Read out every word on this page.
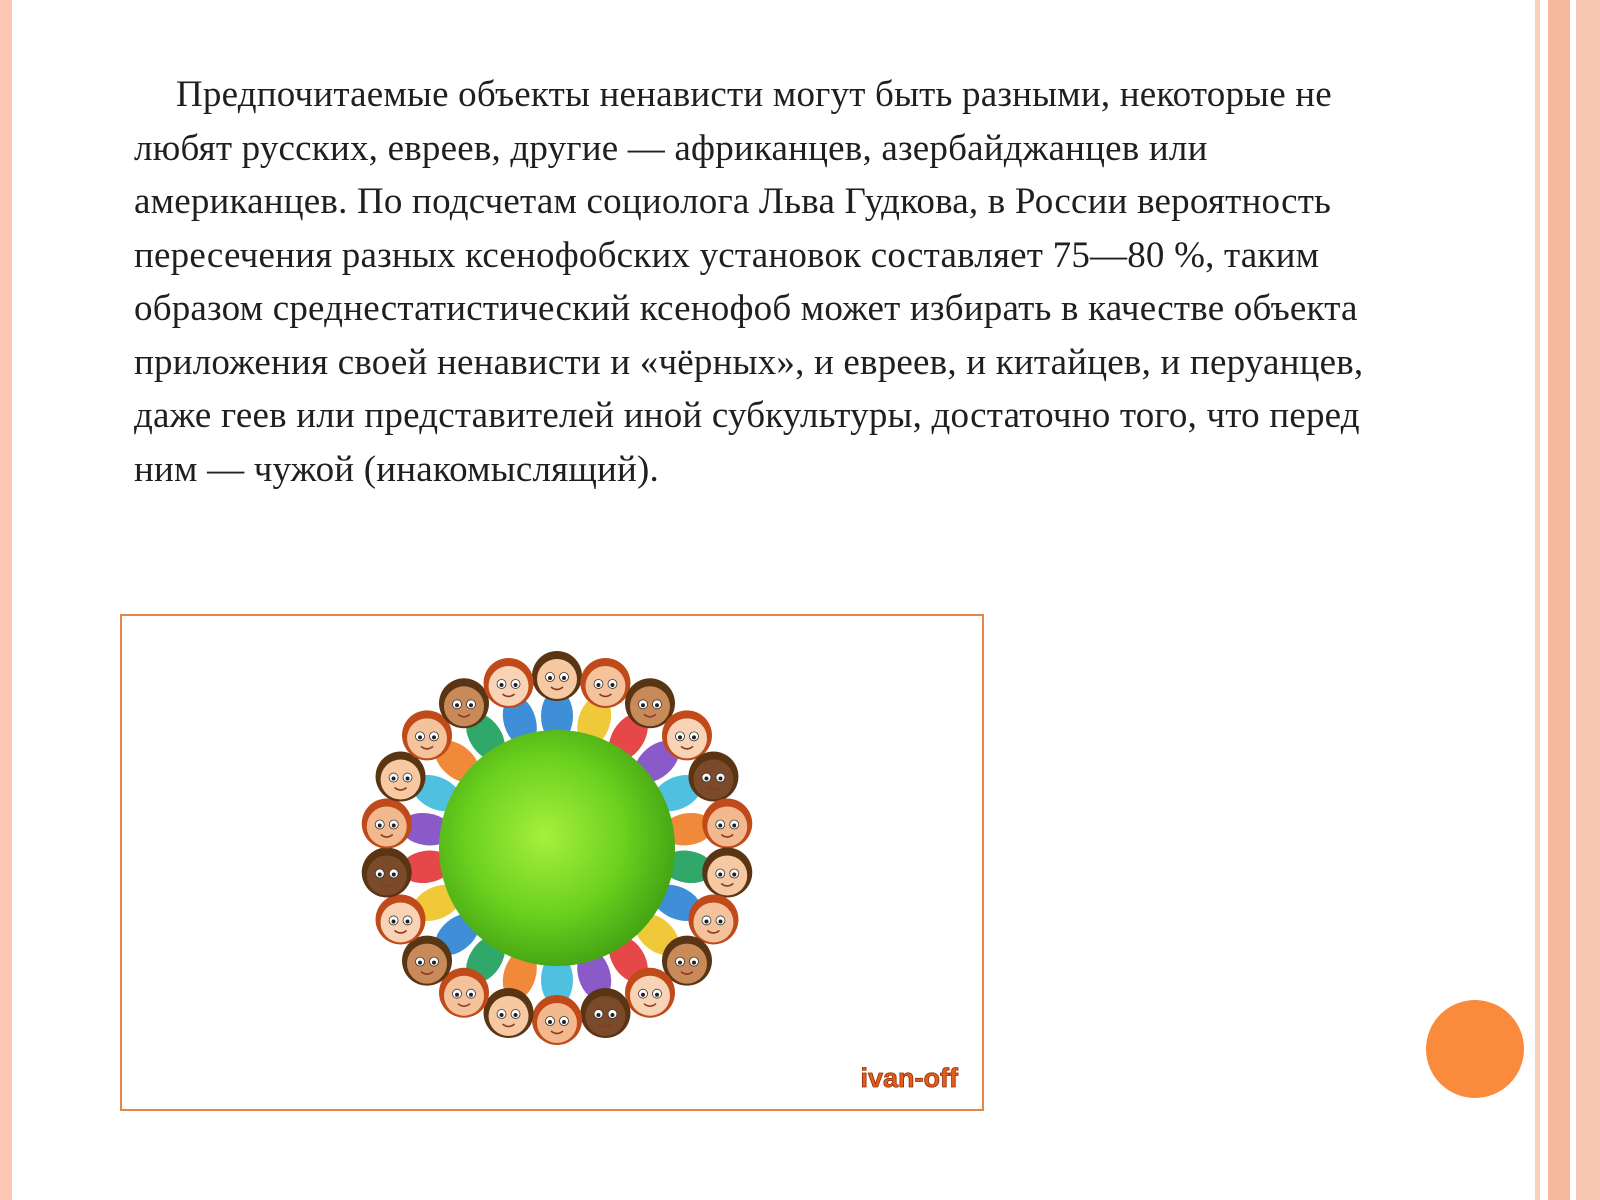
Предпочитаемые объекты ненависти могут быть разными, некоторые не любят русских, евреев, другие — африканцев, азербайджанцев или американцев. По подсчетам социолога Льва Гудкова, в России вероятность пересечения разных ксенофобских установок составляет 75—80 %, таким образом среднестатистический ксенофоб может избирать в качестве объекта приложения своей ненависти и «чёрных», и евреев, и китайцев, и перуанцев, даже геев или представителей иной субкультуры, достаточно того, что перед ним — чужой (инакомыслящий).

ivan-off
